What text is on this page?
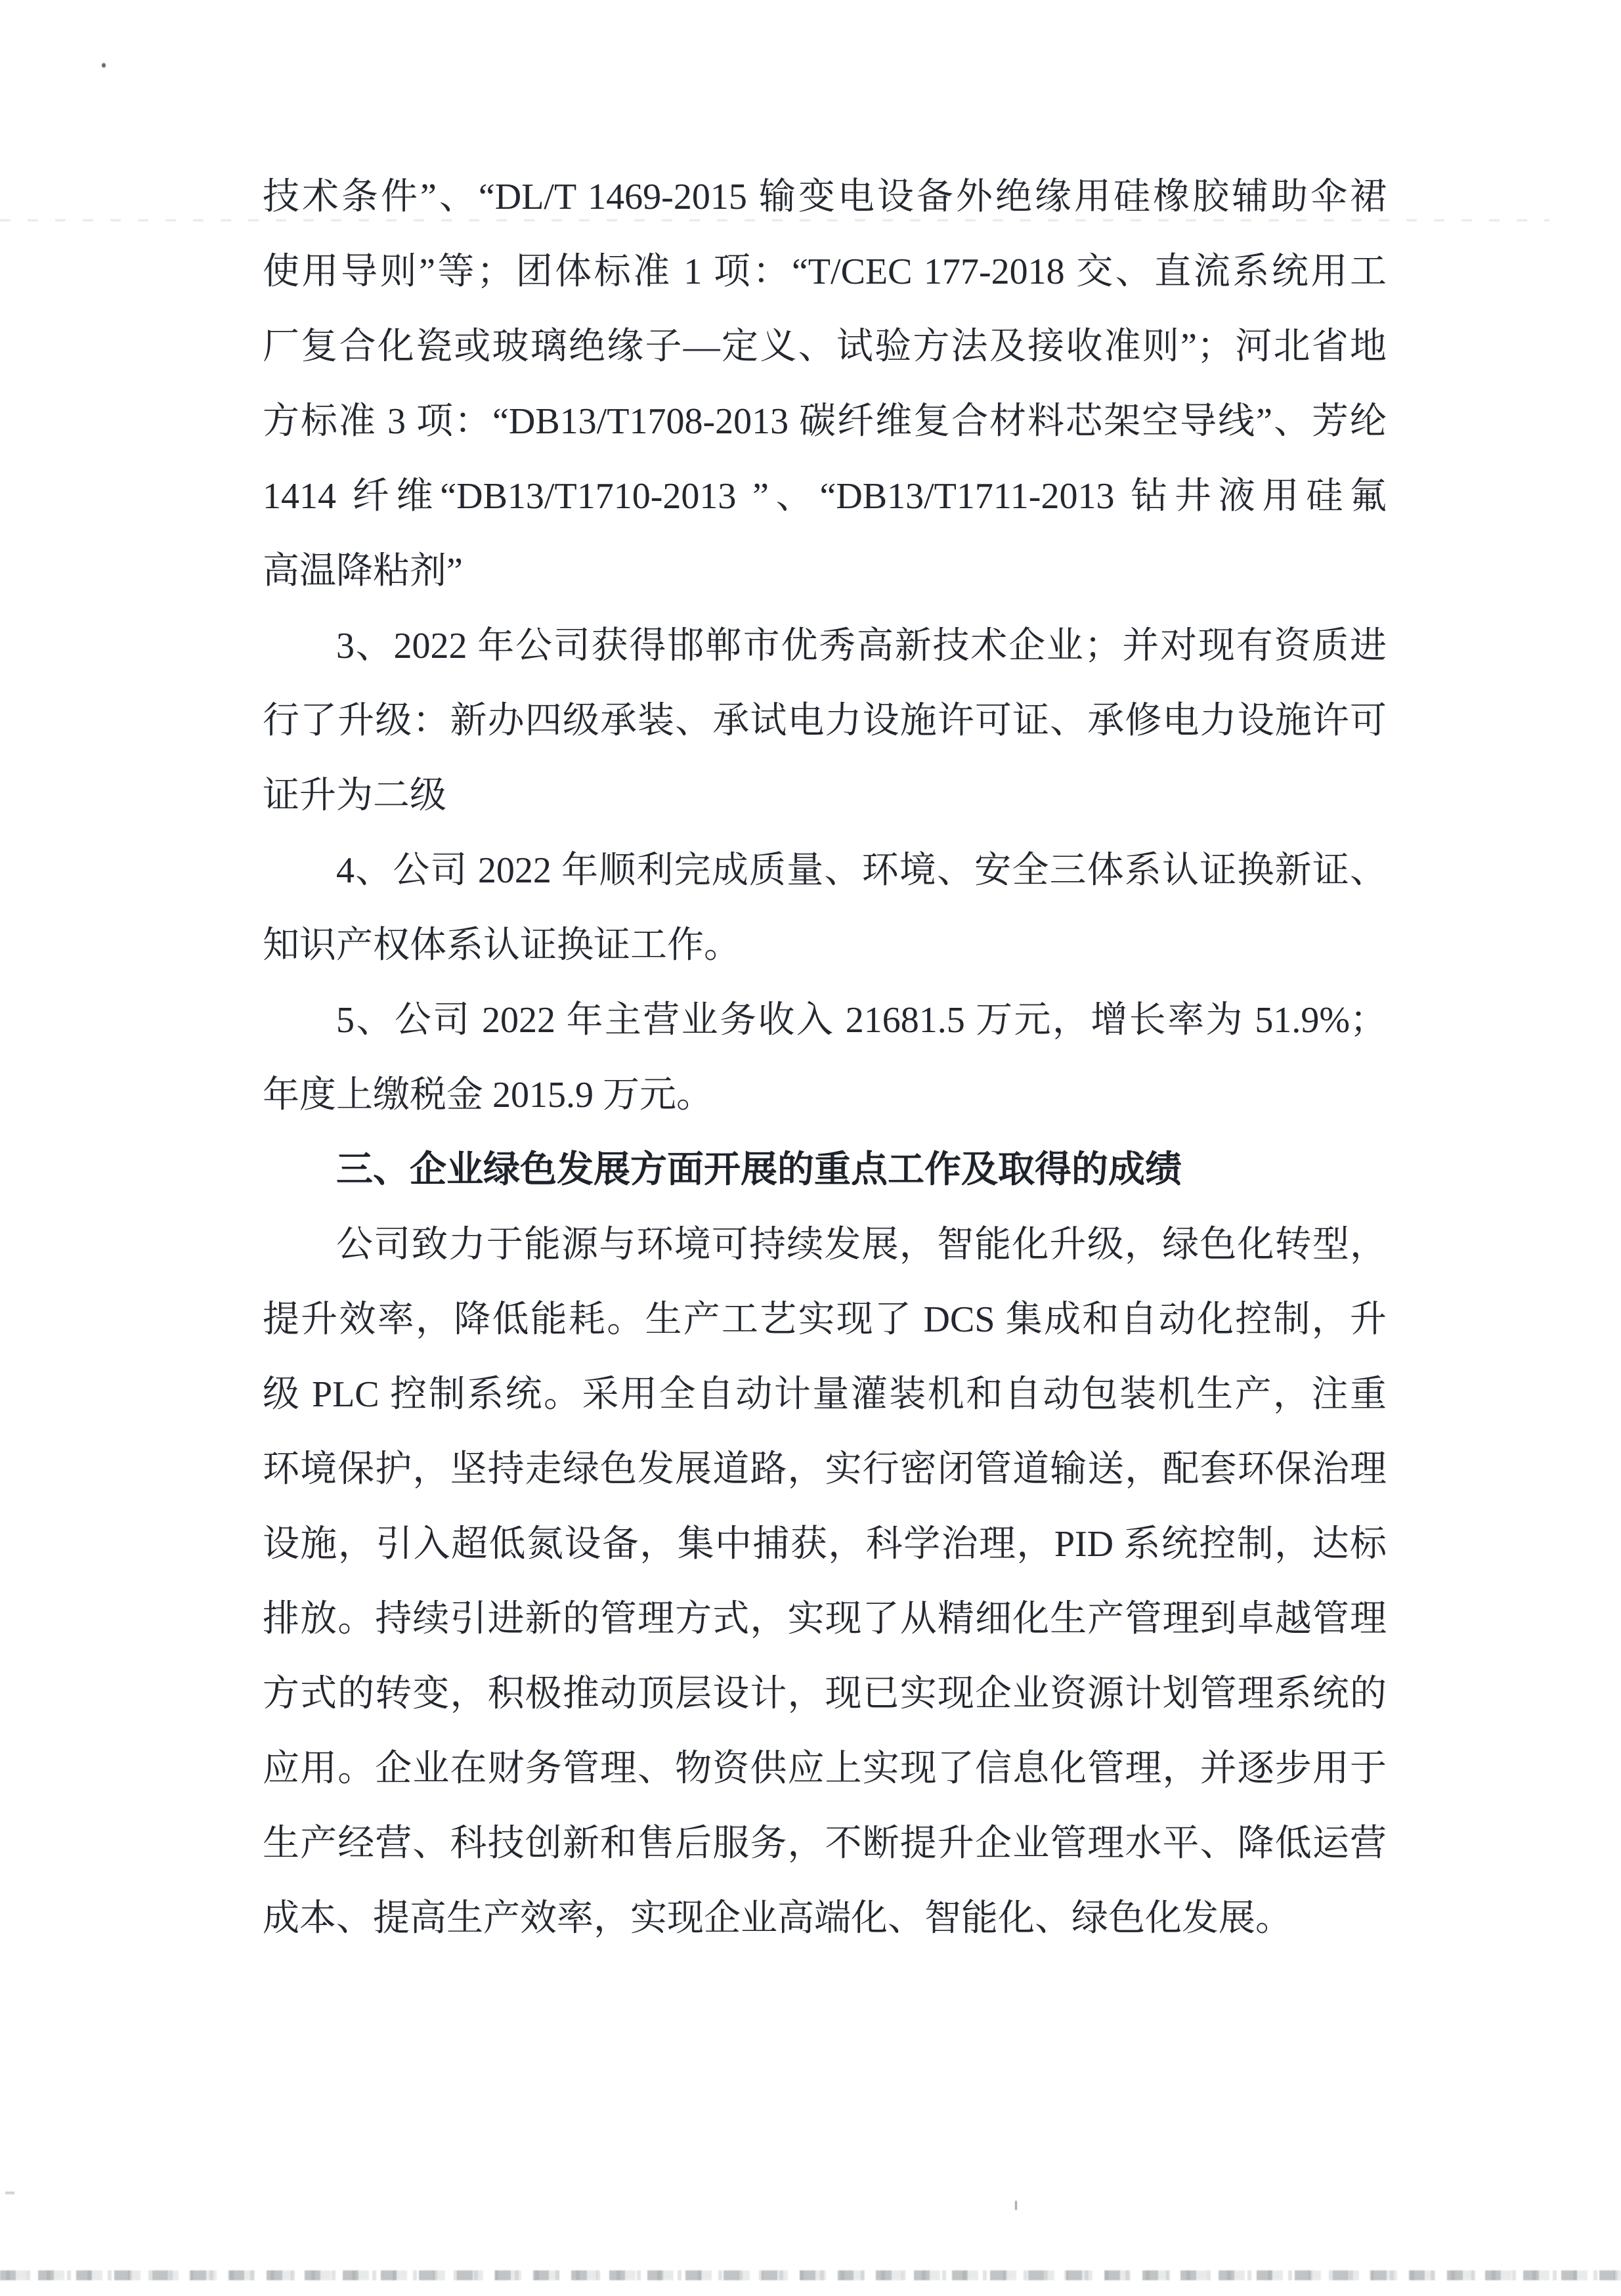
技术条件”、“DL/T 1469-2015 输变电设备外绝缘用硅橡胶辅助伞裙
使用导则”等；团体标准 1 项：“T/CEC 177-2018 交、直流系统用工
厂复合化瓷或玻璃绝缘子—定义、试验方法及接收准则”；河北省地
方标准 3 项：“DB13/T1708-2013 碳纤维复合材料芯架空导线”、芳纶
1414 纤维“DB13/T1710-2013 ”、“DB13/T1711-2013 钻井液用硅氟
高温降粘剂”
3、2022 年公司获得邯郸市优秀高新技术企业；并对现有资质进
行了升级：新办四级承装、承试电力设施许可证、承修电力设施许可
证升为二级
4、公司 2022 年顺利完成质量、环境、安全三体系认证换新证、
知识产权体系认证换证工作。
5、公司 2022 年主营业务收入 21681.5 万元，增长率为 51.9%；
年度上缴税金 2015.9 万元。
三、企业绿色发展方面开展的重点工作及取得的成绩
公司致力于能源与环境可持续发展，智能化升级，绿色化转型，
提升效率，降低能耗。生产工艺实现了 DCS 集成和自动化控制，升
级 PLC 控制系统。采用全自动计量灌装机和自动包装机生产，注重
环境保护，坚持走绿色发展道路，实行密闭管道输送，配套环保治理
设施，引入超低氮设备，集中捕获，科学治理，PID 系统控制，达标
排放。持续引进新的管理方式，实现了从精细化生产管理到卓越管理
方式的转变，积极推动顶层设计，现已实现企业资源计划管理系统的
应用。企业在财务管理、物资供应上实现了信息化管理，并逐步用于
生产经营、科技创新和售后服务，不断提升企业管理水平、降低运营
成本、提高生产效率，实现企业高端化、智能化、绿色化发展。
